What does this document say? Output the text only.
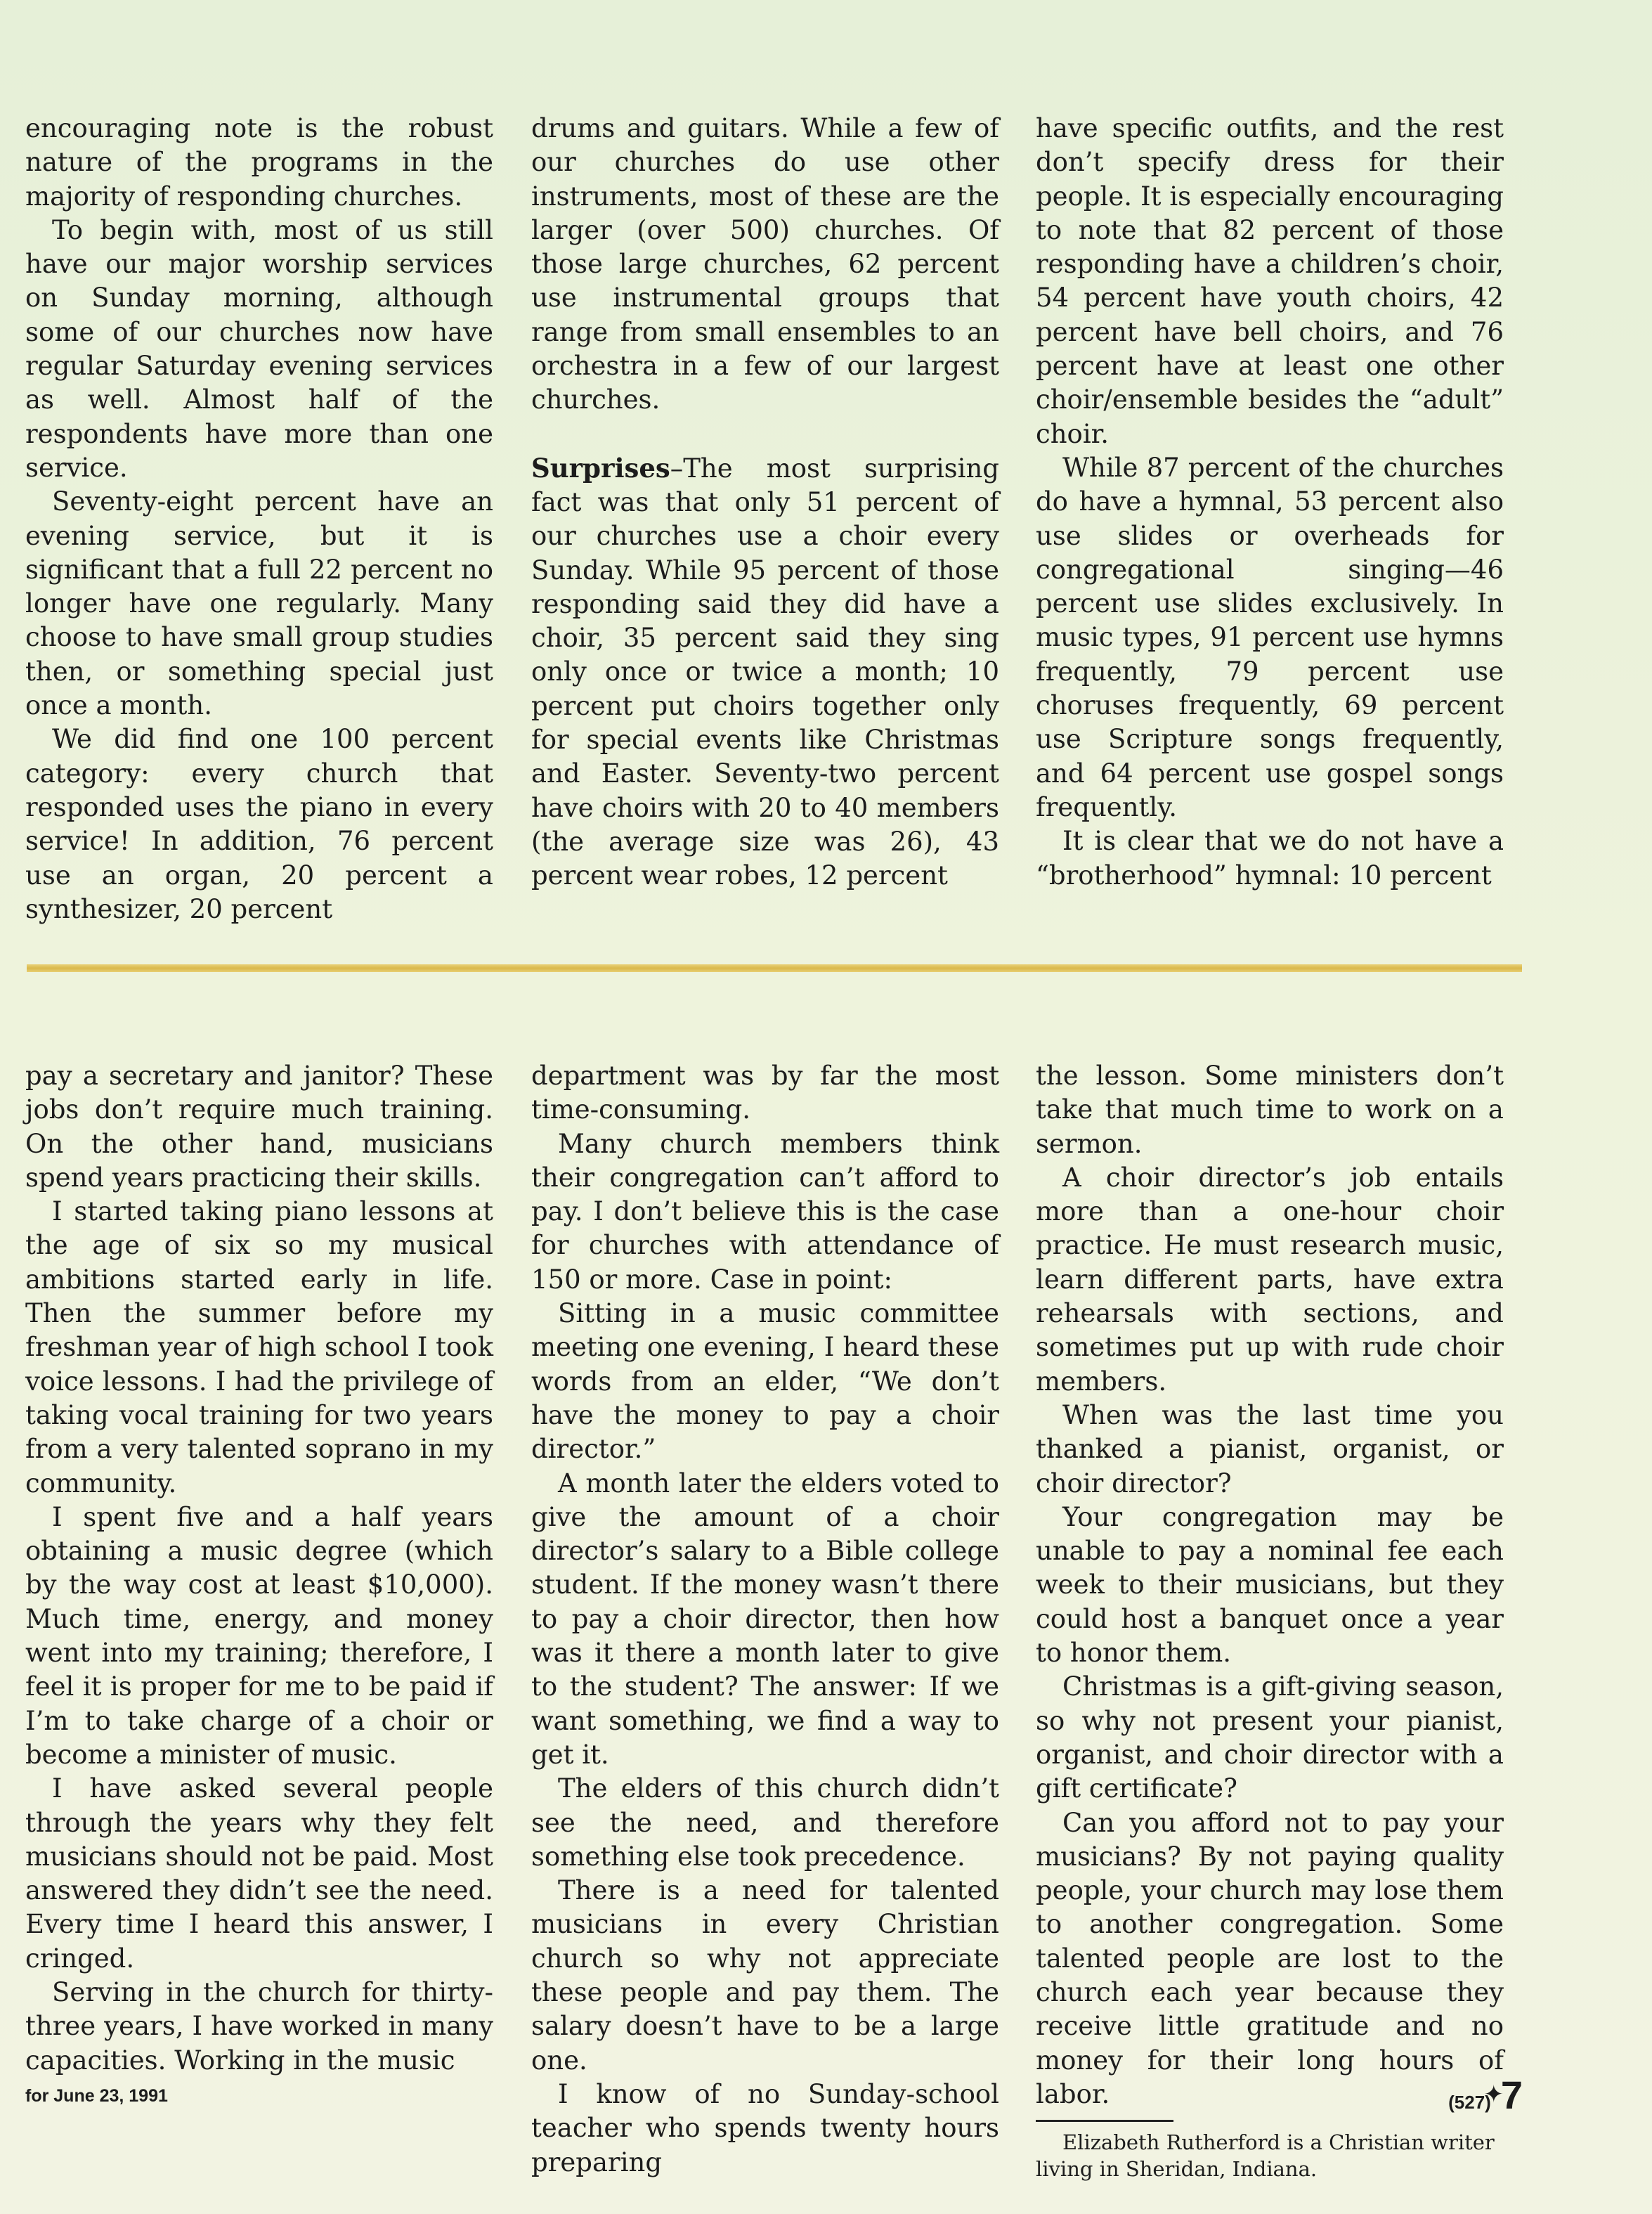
encouraging note is the robust nature of the programs in the majority of responding churches.

To begin with, most of us still have our major worship services on Sunday morning, although some of our churches now have regular Saturday evening services as well. Almost half of the respondents have more than one service.

Seventy-eight percent have an evening service, but it is significant that a full 22 percent no longer have one regularly. Many choose to have small group studies then, or something special just once a month.

We did find one 100 percent category: every church that responded uses the piano in every service! In addition, 76 percent use an organ, 20 percent a synthesizer, 20 percent

drums and guitars. While a few of our churches do use other instruments, most of these are the larger (over 500) churches. Of those large churches, 62 percent use instrumental groups that range from small ensembles to an orchestra in a few of our largest churches.

Surprises–The most surprising fact was that only 51 percent of our churches use a choir every Sunday. While 95 percent of those responding said they did have a choir, 35 percent said they sing only once or twice a month; 10 percent put choirs together only for special events like Christmas and Easter. Seventy-two percent have choirs with 20 to 40 members (the average size was 26), 43 percent wear robes, 12 percent

have specific outfits, and the rest don’t specify dress for their people. It is especially encouraging to note that 82 percent of those responding have a children’s choir, 54 percent have youth choirs, 42 percent have bell choirs, and 76 percent have at least one other choir/ensemble besides the “adult” choir.

While 87 percent of the churches do have a hymnal, 53 percent also use slides or overheads for congregational singing—46 percent use slides exclusively. In music types, 91 percent use hymns frequently, 79 percent use choruses frequently, 69 percent use Scripture songs frequently, and 64 percent use gospel songs frequently.

It is clear that we do not have a “brotherhood” hymnal: 10 percent

pay a secretary and janitor? These jobs don’t require much training. On the other hand, musicians spend years practicing their skills.

I started taking piano lessons at the age of six so my musical ambitions started early in life. Then the summer before my freshman year of high school I took voice lessons. I had the privilege of taking vocal training for two years from a very talented soprano in my community.

I spent five and a half years obtaining a music degree (which by the way cost at least $10,000). Much time, energy, and money went into my training; therefore, I feel it is proper for me to be paid if I’m to take charge of a choir or become a minister of music.

I have asked several people through the years why they felt musicians should not be paid. Most answered they didn’t see the need. Every time I heard this answer, I cringed.

Serving in the church for thirty-three years, I have worked in many capacities. Working in the music

department was by far the most time-consuming.

Many church members think their congregation can’t afford to pay. I don’t believe this is the case for churches with attendance of 150 or more. Case in point:

Sitting in a music committee meeting one evening, I heard these words from an elder, “We don’t have the money to pay a choir director.”

A month later the elders voted to give the amount of a choir director’s salary to a Bible college student. If the money wasn’t there to pay a choir director, then how was it there a month later to give to the student? The answer: If we want something, we find a way to get it.

The elders of this church didn’t see the need, and therefore something else took precedence.

There is a need for talented musicians in every Christian church so why not appreciate these people and pay them. The salary doesn’t have to be a large one.

I know of no Sunday-school teacher who spends twenty hours preparing

the lesson. Some ministers don’t take that much time to work on a sermon.

A choir director’s job entails more than a one-hour choir practice. He must research music, learn different parts, have extra rehearsals with sections, and sometimes put up with rude choir members.

When was the last time you thanked a pianist, organist, or choir director?

Your congregation may be unable to pay a nominal fee each week to their musicians, but they could host a banquet once a year to honor them.

Christmas is a gift-giving season, so why not present your pianist, organist, and choir director with a gift certificate?

Can you afford not to pay your musicians? By not paying quality people, your church may lose them to another congregation. Some talented people are lost to the church each year because they receive little gratitude and no money for their long hours of labor.	✦

Elizabeth Rutherford is a Christian writer living in Sheridan, Indiana.

for June 23, 1991	(527) 7
